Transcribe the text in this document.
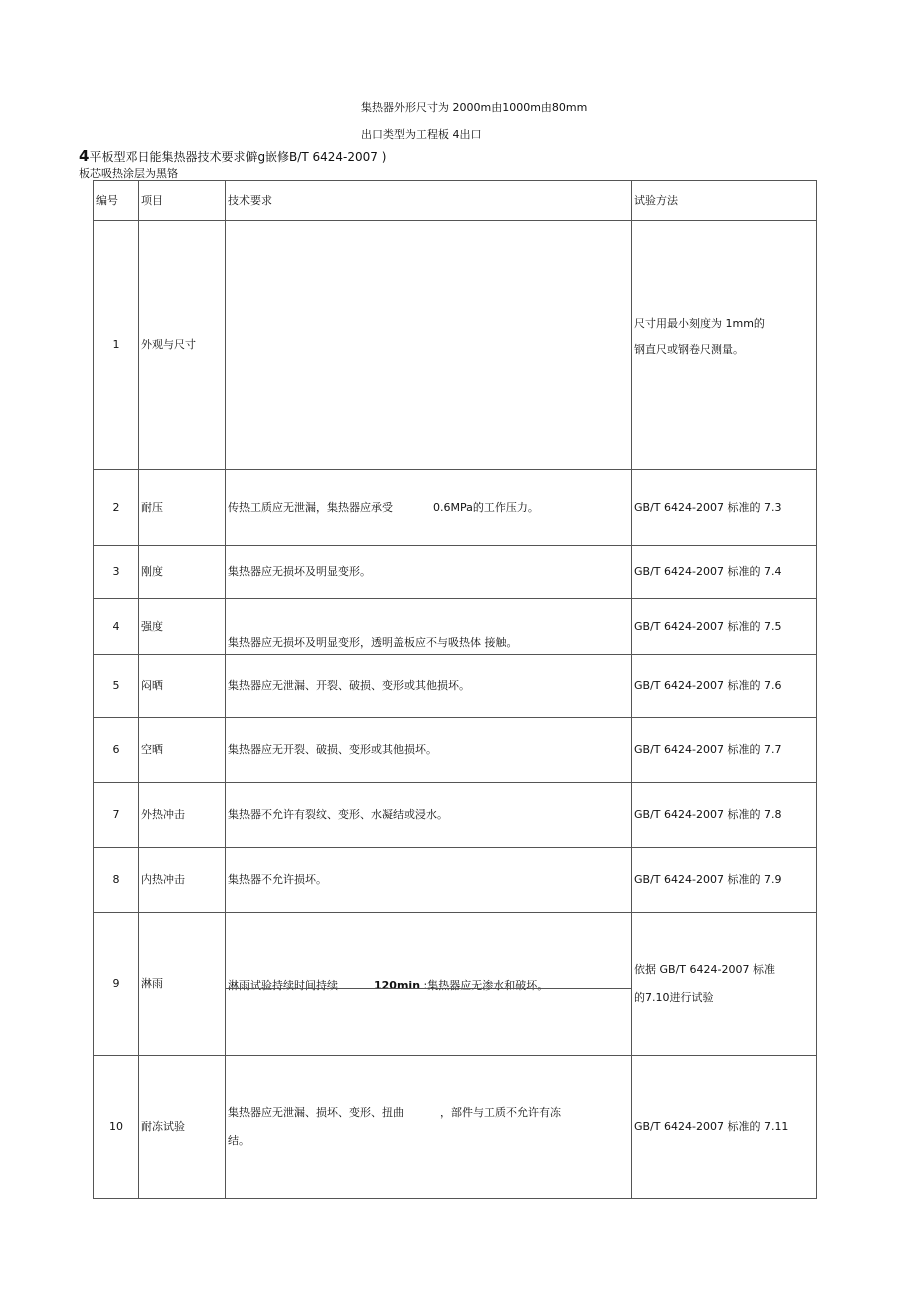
集热器外形尺寸为 2000m由1000m由80mm
出口类型为工程板 4出口
4平板型邓日能集热器技术要求僻g嵌修B/T 6424-2007 )
板芯吸热涂层为黑铬
编号	项目	技术要求	试验方法
1	外观与尺寸		尺寸用最小刻度为 1mm的
钢直尺或钢卷尺测量。

2	耐压	传热工质应无泄漏，集热器应承受 0.6MPa的工作压力。	GB/T 6424-2007 标准的 7.3
3	刚度	集热器应无损坏及明显变形。	GB/T 6424-2007 标准的 7.4
4	强度	集热器应无损坏及明显变形，透明盖板应不与吸热体 接触。	GB/T 6424-2007 标准的 7.5
5	闷晒	集热器应无泄漏、开裂、破损、变形或其他损坏。	GB/T 6424-2007 标准的 7.6
6	空晒	集热器应无开裂、破损、变形或其他损坏。	GB/T 6424-2007 标准的 7.7
7	外热冲击	集热器不允许有裂纹、变形、水凝结或浸水。	GB/T 6424-2007 标准的 7.8
8	内热冲击	集热器不允许损坏。	GB/T 6424-2007 标准的 7.9
9	淋雨	淋雨试验持续时间持续 120min :集热器应无渗水和破坏。	依据 GB/T 6424-2007 标准
的7.10进行试验

10	耐冻试验	集热器应无泄漏、损坏、变形、扭曲 ，部件与工质不允许有冻
结。	GB/T 6424-2007 标准的 7.11
